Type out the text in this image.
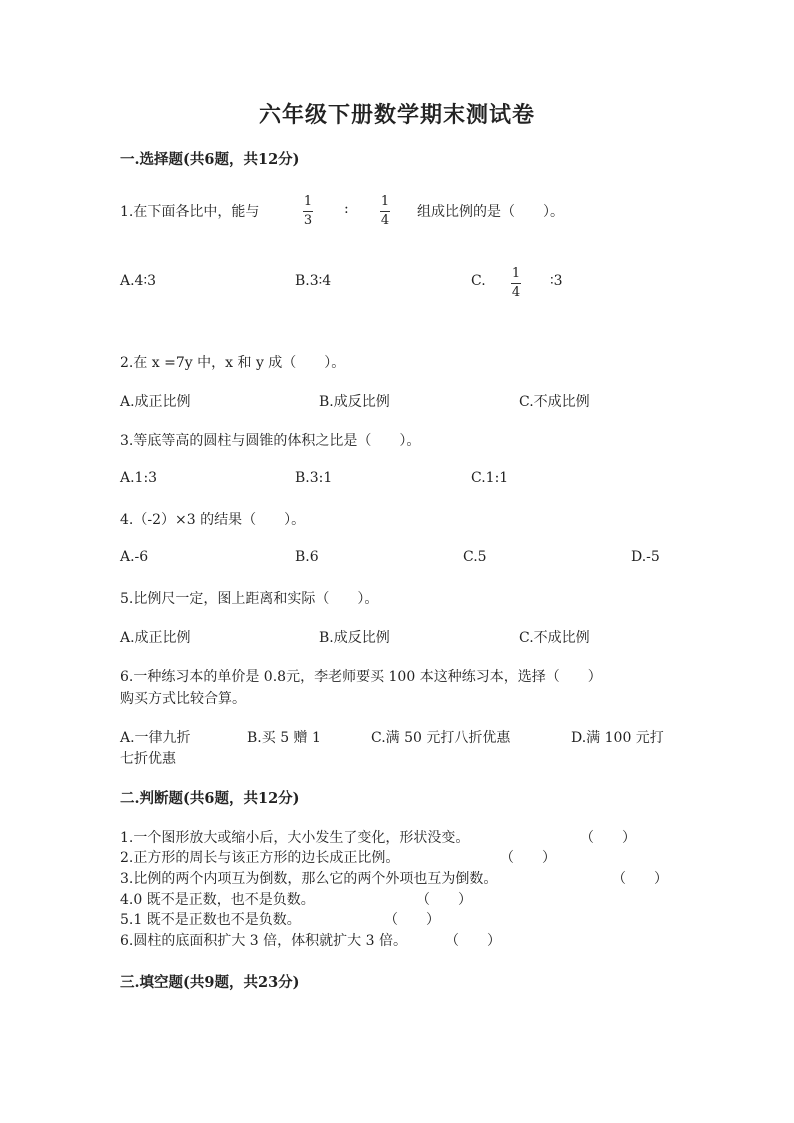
六年级下册数学期末测试卷
一.选择题(共6题，共12分)
1.在下面各比中，能与
1
3
: 1
4
组成比例的是（　　）。
A.4∶3	B.3∶4	C. 1
4
∶3
2.在 x =7y 中，x 和 y 成（　　）。
A.成正比例	B.成反比例	C.不成比例
3.等底等高的圆柱与圆锥的体积之比是（　　）。
A.1:3	B.3:1	C.1:1
4.（-2）×3 的结果（　　）。
A.-6	B.6	C.5	D.-5
5.比例尺一定，图上距离和实际（　　）。
A.成正比例	B.成反比例	C.不成比例
6.一种练习本的单价是 0.8元，李老师要买 100 本这种练习本，选择（　　）
购买方式比较合算。
A.一律九折	B.买 5 赠 1	C.满 50 元打八折优惠	D.满 100 元打
七折优惠
二.判断题(共6题，共12分)
1.一个图形放大或缩小后，大小发生了变化，形状没变。	（　　）
2.正方形的周长与该正方形的边长成正比例。	（　　）
3.比例的两个内项互为倒数，那么它的两个外项也互为倒数。	（　　）
4.0 既不是正数，也不是负数。	（　　）
5.1 既不是正数也不是负数。	（　　）
6.圆柱的底面积扩大 3 倍，体积就扩大 3 倍。	（　　）
三.填空题(共9题，共23分)
